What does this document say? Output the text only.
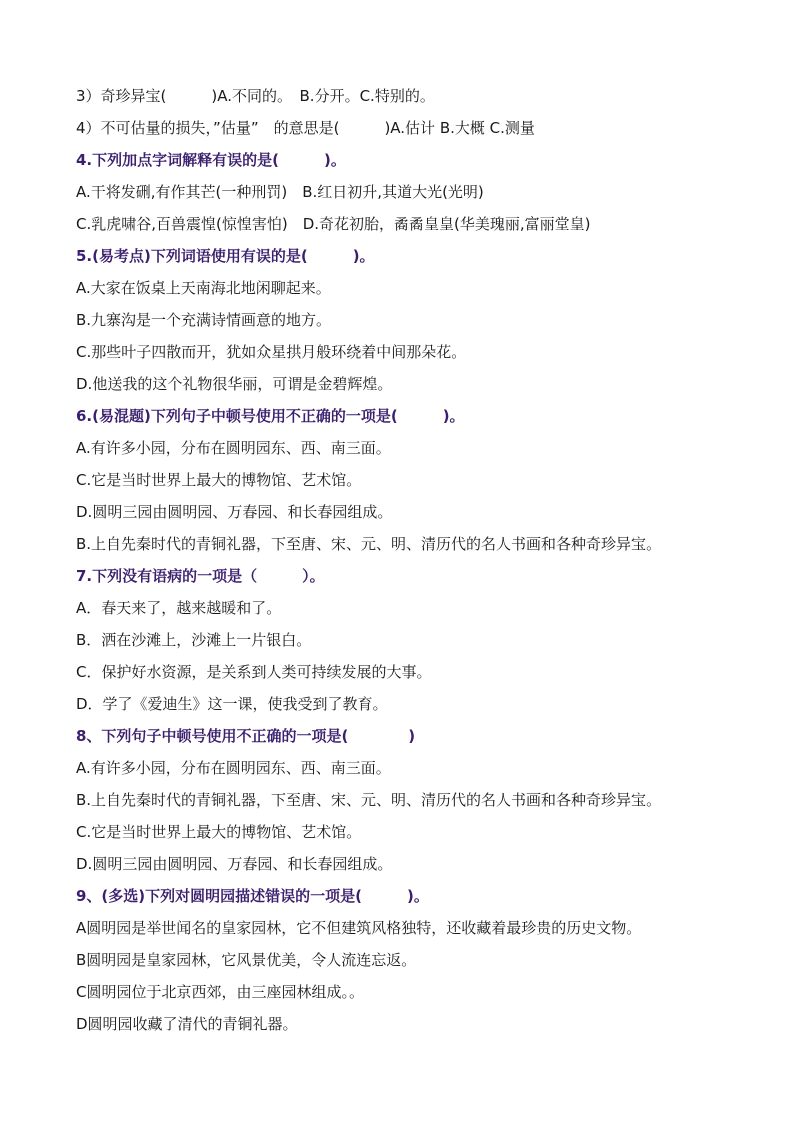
3）奇珍异宝(　　　)A.不同的。　B.分开。C.特别的。
4）不可估量的损失，”估量”　的意思是(　　　)A.估计 B.大概 C.测量
4.下列加点字词解释有误的是(　　　)。
A.干将发硎,有作其芒(一种刑罚)　B.红日初升,其道大光(光明)
C.乳虎啸谷,百兽震惶(惊惶害怕)　D.奇花初胎，矞矞皇皇(华美瑰丽,富丽堂皇)
5.(易考点)下列词语使用有误的是(　　　)。
A.大家在饭桌上天南海北地闲聊起来。
B.九寨沟是一个充满诗情画意的地方。
C.那些叶子四散而开，犹如众星拱月般环绕着中间那朵花。
D.他送我的这个礼物很华丽，可谓是金碧辉煌。
6.(易混题)下列句子中顿号使用不正确的一项是(　　　)。
A.有许多小园，分布在圆明园东、西、南三面。
C.它是当时世界上最大的博物馆、艺术馆。
D.圆明三园由圆明园、万春园、和长春园组成。
B.上自先秦时代的青铜礼器，下至唐、宋、元、明、清历代的名人书画和各种奇珍异宝。
7.下列没有语病的一项是（　　　）。
A．春天来了，越来越暖和了。
B．洒在沙滩上，沙滩上一片银白。
C．保护好水资源，是关系到人类可持续发展的大事。
D．学了《爱迪生》这一课，使我受到了教育。
8、下列句子中顿号使用不正确的一项是(　　　　)
A.有许多小园，分布在圆明园东、西、南三面。
B.上自先秦时代的青铜礼器，下至唐、宋、元、明、清历代的名人书画和各种奇珍异宝。
C.它是当时世界上最大的博物馆、艺术馆。
D.圆明三园由圆明园、万春园、和长春园组成。
9、(多选)下列对圆明园描述错误的一项是(　　　)。
A圆明园是举世闻名的皇家园林，它不但建筑风格独特，还收藏着最珍贵的历史文物。
B圆明园是皇家园林，它风景优美，令人流连忘返。
C圆明园位于北京西郊，由三座园林组成。。
D圆明园收藏了清代的青铜礼器。
